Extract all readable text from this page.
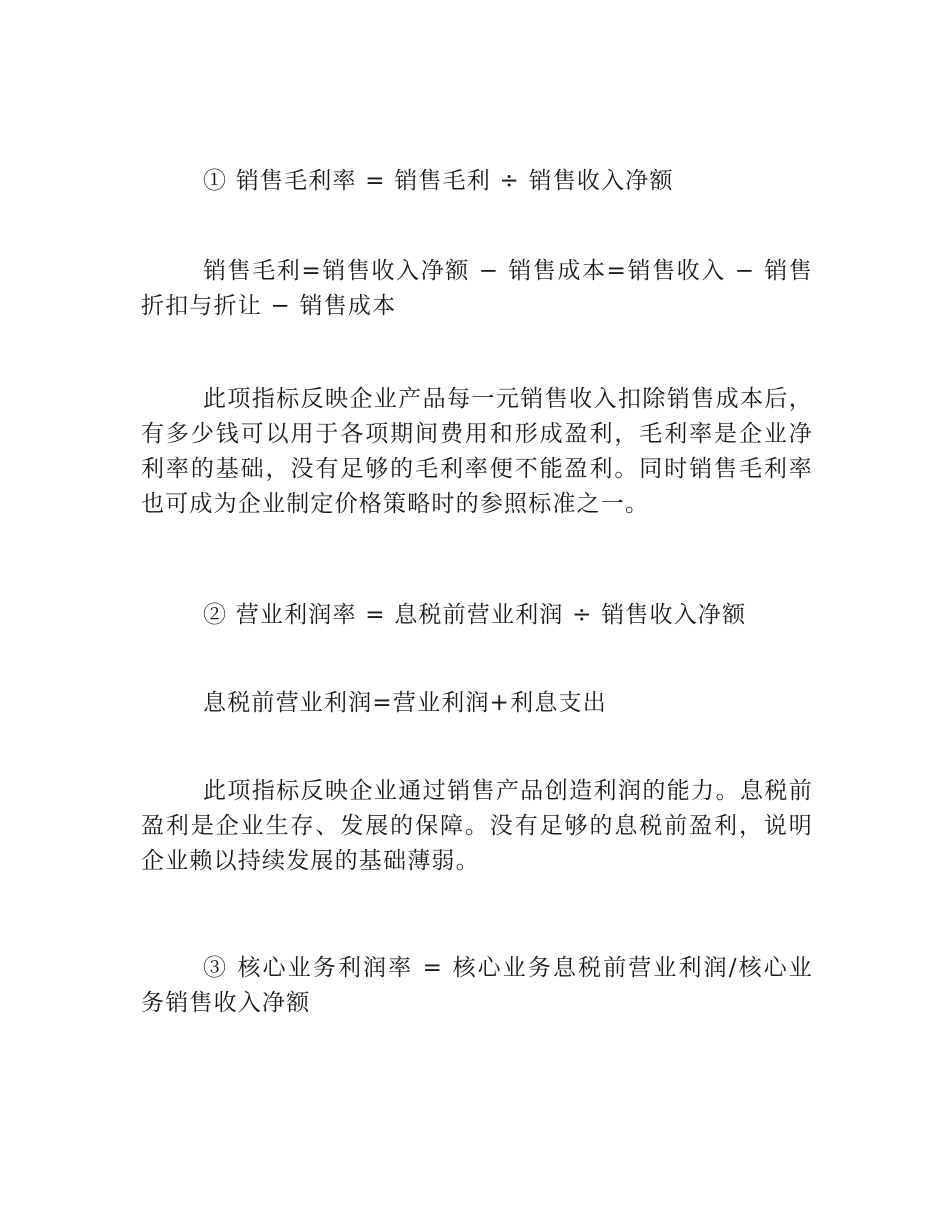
① 销售毛利率 = 销售毛利 ÷ 销售收入净额

销售毛利=销售收入净额 − 销售成本=销售收入 − 销售折扣与折让 − 销售成本

此项指标反映企业产品每一元销售收入扣除销售成本后，有多少钱可以用于各项期间费用和形成盈利，毛利率是企业净利率的基础，没有足够的毛利率便不能盈利。同时销售毛利率也可成为企业制定价格策略时的参照标准之一。

② 营业利润率 = 息税前营业利润 ÷ 销售收入净额

息税前营业利润=营业利润+利息支出

此项指标反映企业通过销售产品创造利润的能力。息税前盈利是企业生存、发展的保障。没有足够的息税前盈利，说明企业赖以持续发展的基础薄弱。

③ 核心业务利润率 = 核心业务息税前营业利润/核心业务销售收入净额
